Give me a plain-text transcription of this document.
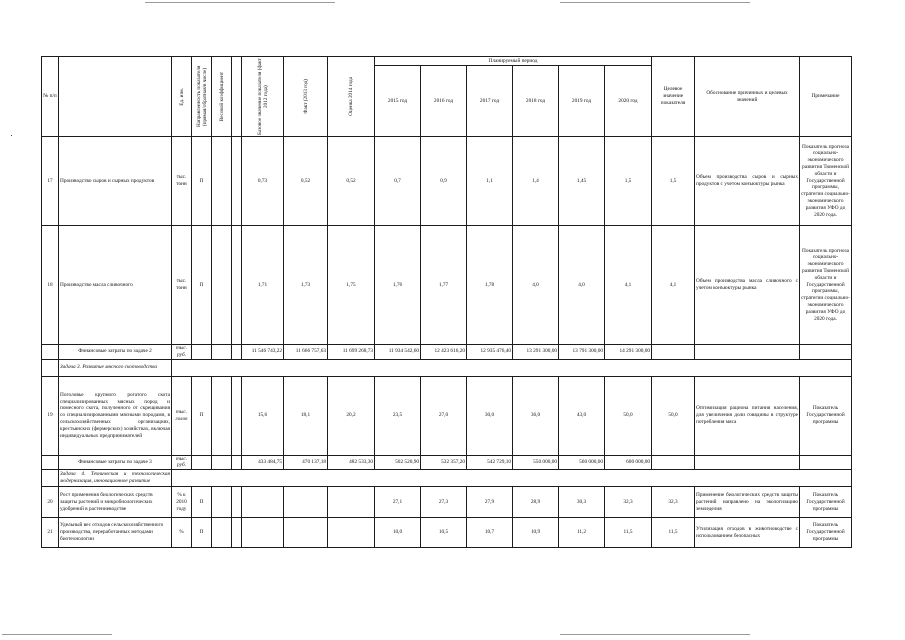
№ п/п		Ед. изм.	Направленность показателя (прямая/обратная/в числе)	Весовой коэффициент		Базовое значение показателя (факт 2012 года)	Факт (2013 год)	Оценка 2014 года	Планируемый период						Целевое значение показателя	Обоснование причинных и целевых значений	Примечание
									2015 год	2016 год	2017 год	2018 год	2019 год	2020 год			
17	Производство сыров и сырных продуктов	тыс. тонн	П			0,73	0,52	0,52	0,7	0,9	1,1	1,4	1,45	1,5	1,5	Объем производства сыров и сырных продуктов с учетом конъюктуры рынка	Показатель прогноза социально-экономического развития Тюменской области и Государственной программы, стратегии социально-экономического развития УФО до 2020 года.
18	Производство масла сливочного	тыс. тонн	П			1,71	1,73	1,75	1,76	1,77	1,78	4,0	4,0	4,1	4,1	Объем производства масла сливочного с учетом конъюктуры рынка	Показатель прогноза социально-экономического развития Тюменской области и Государственной программы, стратегии социально-экономического развития УФО до 2020 года.
	Финансовые затраты по задаче 2	тыс. руб.				11 546 743,22	11 666 757,63	11 699 268,73	11 934 542,60	12 423 616,20	12 935 476,40	13 291 300,00	13 791 300,00	14 291 300,00			
	Задача 3. Развитие мясного скотоводства																
19	Поголовье крупного рогатого скота специализированных мясных пород и помесного скота, полученного от скрещивания со специализированными мясными породами, в сельскохозяйственных организациях, крестьянских (фермерских) хозяйствах, включая индивидуальных предпринимателей	тыс. голов	П			15,6	18,1	20,2	23,5	27,0	30,0	36,0	43,0	50,0	50,0	Оптимизация рациона питания населения, для увеличения доли говядины в структуре потребления мяса	Показатель Государственной программы
	Финансовые затраты по задаче 3	тыс. руб.				433 484,75	470 137,18	482 533,30	502 520,90	532 357,20	542 729,10	550 000,00	560 000,00	600 000,00			
	Задача 4. Техническая и технологическая модернизация, инновационное развитие																
20	Рост применения биологических средств защиты растений и микробиологических удобрений в растениеводстве	% к 2010 году	П						27,1	27,3	27,9	28,9	30,3	32,3	32,3	Применение биологических средств защиты растений направлено на экологизацию земледелия	Показатель Государственной программы
21	Удельный вес отходов сельскохозяйственного производства, переработанных методами биотехнологии	%	П						10,0	10,5	10,7	10,9	11,2	11,5	11,5	Утилизация отходов в животноводстве с использованием безопасных	Показатель Государственной программы
